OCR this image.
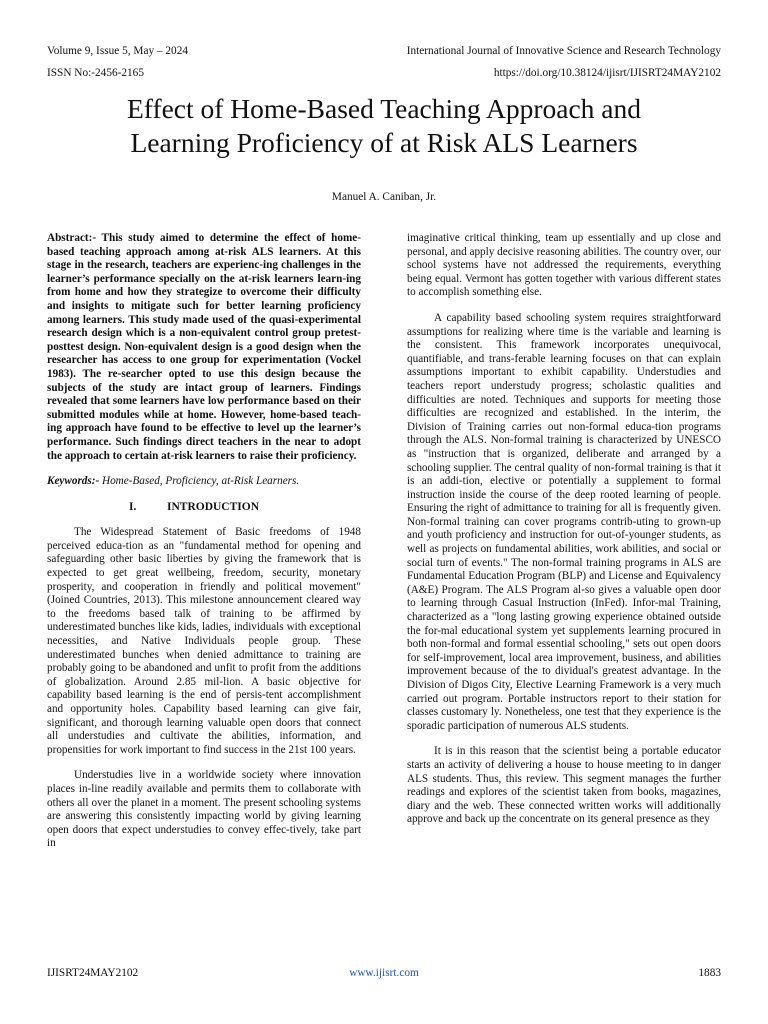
Volume 9, Issue 5, May – 2024
ISSN No:-2456-2165
International Journal of Innovative Science and Research Technology
https://doi.org/10.38124/ijisrt/IJISRT24MAY2102
Effect of Home-Based Teaching Approach and
Learning Proficiency of at Risk ALS Learners
Manuel A. Caniban, Jr.

Abstract:- This study aimed to determine the effect of home-based teaching approach among at-risk ALS learners. At this stage in the research, teachers are experienc-ing challenges in the learner’s performance specially on the at-risk learners learn-ing from home and how they strategize to overcome their difficulty and insights to mitigate such for better learning proficiency among learners. This study made used of the quasi-experimental research design which is a non-equivalent control group pretest-posttest design. Non-equivalent design is a good design when the researcher has access to one group for experimentation (Vockel 1983). The re-searcher opted to use this design because the subjects of the study are intact group of learners. Findings revealed that some learners have low performance based on their submitted modules while at home. However, home-based teach-ing approach have found to be effective to level up the learner’s performance. Such findings direct teachers in the near to adopt the approach to certain at-risk learners to raise their proficiency.

Keywords:- Home-Based, Proficiency, at-Risk Learners.

I.	INTRODUCTION

The Widespread Statement of Basic freedoms of 1948 perceived educa-tion as an "fundamental method for opening and safeguarding other basic liberties by giving the framework that is expected to get great wellbeing, freedom, security, monetary prosperity, and cooperation in friendly and political movement" (Joined Countries, 2013). This milestone announcement cleared way to the freedoms based talk of training to be affirmed by underestimated bunches like kids, ladies, individuals with exceptional necessities, and Native Individuals people group. These underestimated bunches when denied admittance to training are probably going to be abandoned and unfit to profit from the additions of globalization. Around 2.85 mil-lion. A basic objective for capability based learning is the end of persis-tent accomplishment and opportunity holes. Capability based learning can give fair, significant, and thorough learning valuable open doors that connect all understudies and cultivate the abilities, information, and propensities for work important to find success in the 21st 100 years.

Understudies live in a worldwide society where innovation places in-line readily available and permits them to collaborate with others all over the planet in a moment. The present schooling systems are answering this consistently impacting world by giving learning open doors that expect understudies to convey effec-tively, take part in

imaginative critical thinking, team up essentially and up close and personal, and apply decisive reasoning abilities. The country over, our school systems have not addressed the requirements, everything being equal. Vermont has gotten together with various different states to accomplish something else.

A capability based schooling system requires straightforward assumptions for realizing where time is the variable and learning is the consistent. This framework incorporates unequivocal, quantifiable, and trans-ferable learning focuses on that can explain assumptions important to exhibit capability. Understudies and teachers report understudy progress; scholastic qualities and difficulties are noted. Techniques and supports for meeting those difficulties are recognized and established. In the interim, the Division of Training carries out non-formal educa-tion programs through the ALS. Non-formal training is characterized by UNESCO as "instruction that is organized, deliberate and arranged by a schooling supplier. The central quality of non-formal training is that it is an addi-tion, elective or potentially a supplement to formal instruction inside the course of the deep rooted learning of people. Ensuring the right of admittance to training for all is frequently given. Non-formal training can cover programs contrib-uting to grown-up and youth proficiency and instruction for out-of-younger students, as well as projects on fundamental abilities, work abilities, and social or social turn of events." The non-formal training programs in ALS are Fundamental Education Program (BLP) and License and Equivalency (A&E) Program. The ALS Program al-so gives a valuable open door to learning through Casual Instruction (InFed). Infor-mal Training, characterized as a "long lasting growing experience obtained outside the for-mal educational system yet supplements learning procured in both non-formal and formal essential schooling," sets out open doors for self-improvement, local area improvement, business, and abilities improvement because of the to dividual's greatest advantage. In the Division of Digos City, Elective Learning Framework is a very much carried out program. Portable instructors report to their station for classes customary ly. Nonetheless, one test that they experience is the sporadic participation of numerous ALS students.

It is in this reason that the scientist being a portable educator starts an activity of delivering a house to house meeting to in danger ALS students. Thus, this review. This segment manages the further readings and explores of the scientist taken from books, magazines, diary and the web. These connected written works will additionally approve and back up the concentrate on its general presence as they

IJISRT24MAY2102	www.ijisrt.com	1883
